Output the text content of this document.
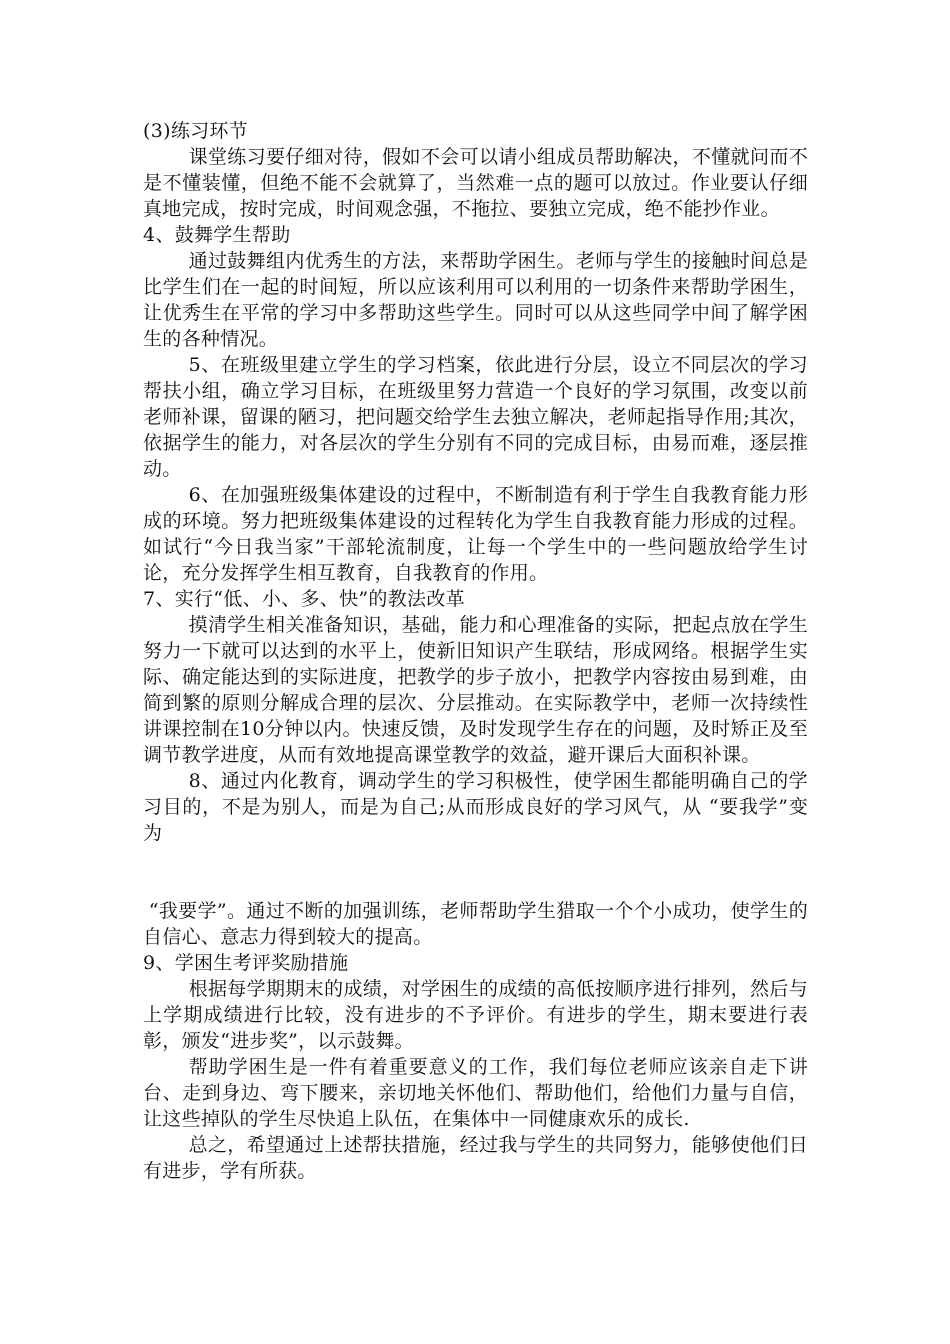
(3)练习环节

课堂练习要仔细对待，假如不会可以请小组成员帮助解决，不懂就问而不是不懂装懂，但绝不能不会就算了，当然难一点的题可以放过。作业要认仔细真地完成，按时完成，时间观念强，不拖拉、要独立完成，绝不能抄作业。

4、鼓舞学生帮助

通过鼓舞组内优秀生的方法，来帮助学困生。老师与学生的接触时间总是比学生们在一起的时间短，所以应该利用可以利用的一切条件来帮助学困生，让优秀生在平常的学习中多帮助这些学生。同时可以从这些同学中间了解学困生的各种情况。

5、在班级里建立学生的学习档案，依此进行分层，设立不同层次的学习帮扶小组，确立学习目标，在班级里努力营造一个良好的学习氛围，改变以前老师补课，留课的陋习，把问题交给学生去独立解决，老师起指导作用;其次，依据学生的能力，对各层次的学生分别有不同的完成目标，由易而难，逐层推动。

6、在加强班级集体建设的过程中，不断制造有利于学生自我教育能力形成的环境。努力把班级集体建设的过程转化为学生自我教育能力形成的过程。如试行“今日我当家”干部轮流制度，让每一个学生中的一些问题放给学生讨论，充分发挥学生相互教育，自我教育的作用。

7、实行“低、小、多、快”的教法改革

摸清学生相关准备知识，基础，能力和心理准备的实际，把起点放在学生努力一下就可以达到的水平上，使新旧知识产生联结，形成网络。根据学生实际、确定能达到的实际进度，把教学的步子放小，把教学内容按由易到难，由简到繁的原则分解成合理的层次、分层推动。在实际教学中，老师一次持续性讲课控制在10分钟以内。快速反馈，及时发现学生存在的问题，及时矫正及至调节教学进度，从而有效地提高课堂教学的效益，避开课后大面积补课。

8、通过内化教育，调动学生的学习积极性，使学困生都能明确自己的学习目的，不是为别人，而是为自己;从而形成良好的学习风气，从 “要我学”变为

“我要学”。通过不断的加强训练，老师帮助学生猎取一个个小成功，使学生的自信心、意志力得到较大的提高。

9、学困生考评奖励措施

根据每学期期末的成绩，对学困生的成绩的高低按顺序进行排列，然后与上学期成绩进行比较，没有进步的不予评价。有进步的学生，期末要进行表彰，颁发“进步奖”，以示鼓舞。

帮助学困生是一件有着重要意义的工作，我们每位老师应该亲自走下讲台、走到身边、弯下腰来，亲切地关怀他们、帮助他们，给他们力量与自信，让这些掉队的学生尽快追上队伍，在集体中一同健康欢乐的成长.

总之，希望通过上述帮扶措施，经过我与学生的共同努力，能够使他们日有进步，学有所获。
